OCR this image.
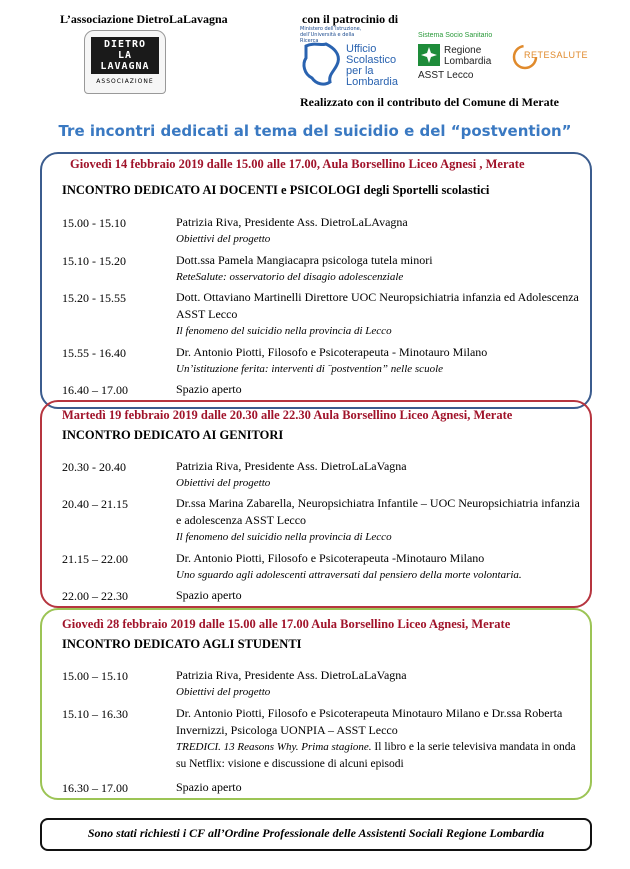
L’associazione DietroLaLavagna
DIETRO
LA
LAVAGNA
ASSOCIAZIONE
con il patrocinio di
Ministero dell’Istruzione, dell’Università e della Ricerca
Ufficio
Scolastico
per la
Lombardia
Sistema Socio Sanitario
Regione
Lombardia
ASST Lecco
RETESALUTE
Realizzato con il contributo del Comune di Merate
Tre incontri dedicati al tema del suicidio e del “postvention”
Giovedì 14 febbraio 2019 dalle 15.00 alle 17.00, Aula Borsellino Liceo Agnesi , Merate
INCONTRO DEDICATO AI DOCENTI e PSICOLOGI degli Sportelli scolastici
15.00 - 15.10	Patrizia Riva, Presidente Ass. DietroLaLAvagna
Obiettivi del progetto
15.10 - 15.20	Dott.ssa Pamela Mangiacapra psicologa tutela minori
ReteSalute: osservatorio del disagio adolescenziale
15.20 - 15.55	Dott. Ottaviano Martinelli Direttore UOC Neuropsichiatria infanzia ed Adolescenza ASST Lecco
Il fenomeno del suicidio nella provincia di Lecco
15.55 - 16.40	Dr. Antonio Piotti, Filosofo e Psicoterapeuta - Minotauro Milano
Un’istituzione ferita: interventi di ¨postvention” nelle scuole
16.40 – 17.00	Spazio aperto
Martedì 19 febbraio 2019 dalle 20.30 alle 22.30 Aula Borsellino Liceo Agnesi, Merate
INCONTRO DEDICATO AI GENITORI
20.30 - 20.40	Patrizia Riva, Presidente Ass. DietroLaLaVagna
Obiettivi del progetto
20.40 – 21.15	Dr.ssa Marina Zabarella, Neuropsichiatra Infantile – UOC Neuropsichiatria infanzia e adolescenza ASST Lecco
Il fenomeno del suicidio nella provincia di Lecco
21.15 – 22.00	Dr. Antonio Piotti, Filosofo e Psicoterapeuta -Minotauro Milano
Uno sguardo agli adolescenti attraversati dal pensiero della morte volontaria.
22.00 – 22.30	Spazio aperto
Giovedì 28 febbraio 2019 dalle 15.00 alle 17.00 Aula Borsellino Liceo Agnesi, Merate
INCONTRO DEDICATO AGLI STUDENTI
15.00 – 15.10	Patrizia Riva, Presidente Ass. DietroLaLaVagna
Obiettivi del progetto
15.10 – 16.30	Dr. Antonio Piotti, Filosofo e Psicoterapeuta Minotauro Milano e Dr.ssa Roberta Invernizzi, Psicologa UONPIA – ASST Lecco
TREDICI. 13 Reasons Why. Prima stagione. Il libro e la serie televisiva mandata in onda su Netflix: visione e discussione di alcuni episodi
16.30 – 17.00	Spazio aperto
Sono stati richiesti i CF all’Ordine Professionale delle Assistenti Sociali Regione Lombardia
